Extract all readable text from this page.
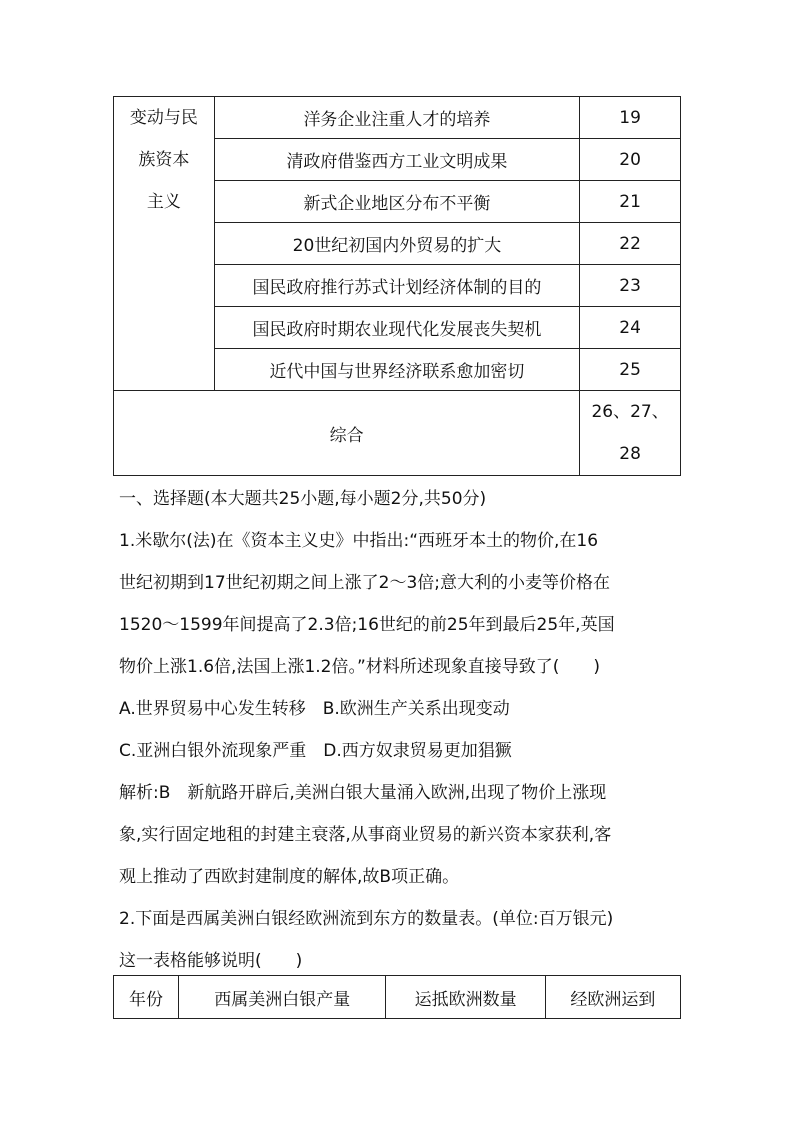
变动与民
族资本
主义	洋务企业注重人才的培养	19
	清政府借鉴西方工业文明成果	20
	新式企业地区分布不平衡	21
	20世纪初国内外贸易的扩大	22
	国民政府推行苏式计划经济体制的目的	23
	国民政府时期农业现代化发展丧失契机	24
	近代中国与世界经济联系愈加密切	25
综合		26、27、
28
一、选择题(本大题共25小题,每小题2分,共50分)
1.米歇尔(法)在《资本主义史》中指出:“西班牙本土的物价,在16
世纪初期到17世纪初期之间上涨了2～3倍;意大利的小麦等价格在
1520～1599年间提高了2.3倍;16世纪的前25年到最后25年,英国
物价上涨1.6倍,法国上涨1.2倍。”材料所述现象直接导致了(　　)
A.世界贸易中心发生转移　B.欧洲生产关系出现变动
C.亚洲白银外流现象严重　D.西方奴隶贸易更加猖獗
解析:B　新航路开辟后,美洲白银大量涌入欧洲,出现了物价上涨现
象,实行固定地租的封建主衰落,从事商业贸易的新兴资本家获利,客
观上推动了西欧封建制度的解体,故B项正确。
2.下面是西属美洲白银经欧洲流到东方的数量表。(单位:百万银元)
这一表格能够说明(　　)
年份	西属美洲白银产量	运抵欧洲数量	经欧洲运到
